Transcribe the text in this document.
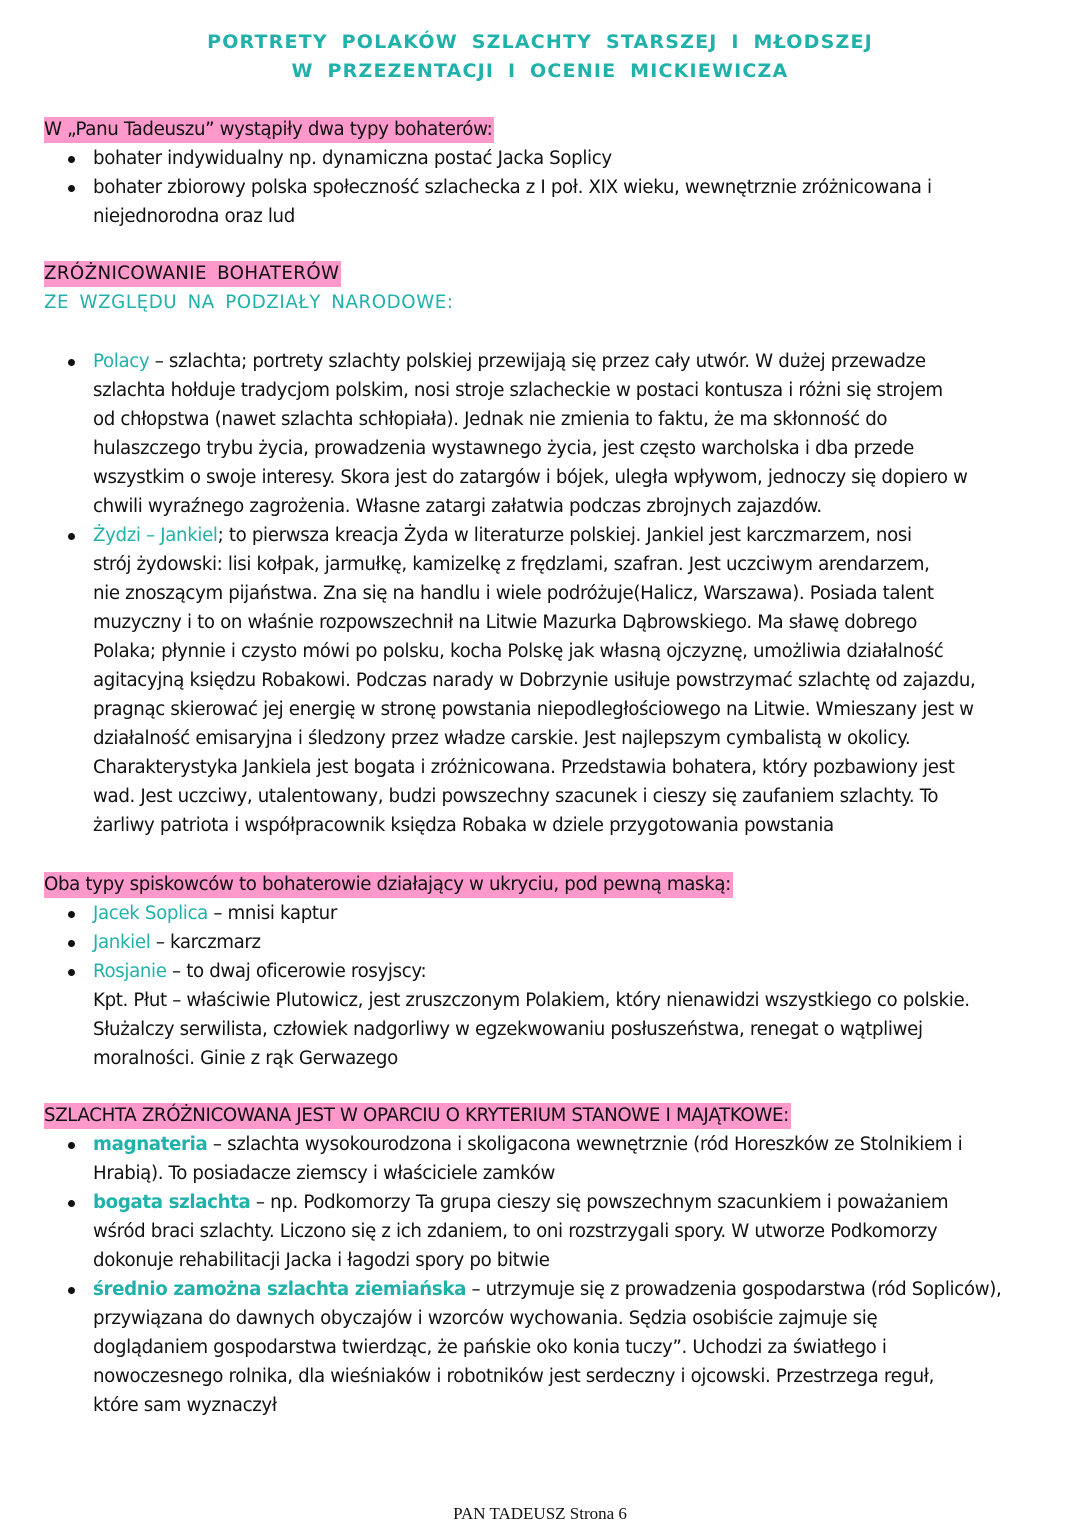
PORTRETY POLAKÓW SZLACHTY STARSZEJ I MŁODSZEJ
W PRZEZENTACJI I OCENIE MICKIEWICZA
W „Panu Tadeuszu” wystąpiły dwa typy bohaterów:
bohater indywidualny np. dynamiczna postać Jacka Soplicy
bohater zbiorowy polska społeczność szlachecka z I poł. XIX wieku, wewnętrznie zróżnicowana i
niejednorodna oraz lud
ZRÓŻNICOWANIE BOHATERÓW
ZE WZGLĘDU NA PODZIAŁY NARODOWE:
Polacy – szlachta; portrety szlachty polskiej przewijają się przez cały utwór. W dużej przewadze
szlachta hołduje tradycjom polskim, nosi stroje szlacheckie w postaci kontusza i różni się strojem
od chłopstwa (nawet szlachta schłopiała). Jednak nie zmienia to faktu, że ma skłonność do
hulaszczego trybu życia, prowadzenia wystawnego życia, jest często warcholska i dba przede
wszystkim o swoje interesy. Skora jest do zatargów i bójek, uległa wpływom, jednoczy się dopiero w
chwili wyraźnego zagrożenia. Własne zatargi załatwia podczas zbrojnych zajazdów.
Żydzi – Jankiel; to pierwsza kreacja Żyda w literaturze polskiej. Jankiel jest karczmarzem, nosi
strój żydowski: lisi kołpak, jarmułkę, kamizelkę z frędzlami, szafran. Jest uczciwym arendarzem,
nie znoszącym pijaństwa. Zna się na handlu i wiele podróżuje(Halicz, Warszawa). Posiada talent
muzyczny i to on właśnie rozpowszechnił na Litwie Mazurka Dąbrowskiego. Ma sławę dobrego
Polaka; płynnie i czysto mówi po polsku, kocha Polskę jak własną ojczyznę, umożliwia działalność
agitacyjną księdzu Robakowi. Podczas narady w Dobrzynie usiłuje powstrzymać szlachtę od zajazdu,
pragnąc skierować jej energię w stronę powstania niepodległościowego na Litwie. Wmieszany jest w
działalność emisaryjna i śledzony przez władze carskie. Jest najlepszym cymbalistą w okolicy.
Charakterystyka Jankiela jest bogata i zróżnicowana. Przedstawia bohatera, który pozbawiony jest
wad. Jest uczciwy, utalentowany, budzi powszechny szacunek i cieszy się zaufaniem szlachty. To
żarliwy patriota i współpracownik księdza Robaka w dziele przygotowania powstania
Oba typy spiskowców to bohaterowie działający w ukryciu, pod pewną maską:
Jacek Soplica – mnisi kaptur
Jankiel – karczmarz
Rosjanie – to dwaj oficerowie rosyjscy:
Kpt. Płut – właściwie Plutowicz, jest zruszczonym Polakiem, który nienawidzi wszystkiego co polskie.
Służalczy serwilista, człowiek nadgorliwy w egzekwowaniu posłuszeństwa, renegat o wątpliwej
moralności. Ginie z rąk Gerwazego
SZLACHTA ZRÓŻNICOWANA JEST W OPARCIU O KRYTERIUM STANOWE I MAJĄTKOWE:
magnateria – szlachta wysokourodzona i skoligacona wewnętrznie (ród Horeszków ze Stolnikiem i
Hrabią). To posiadacze ziemscy i właściciele zamków
bogata szlachta – np. Podkomorzy Ta grupa cieszy się powszechnym szacunkiem i poważaniem
wśród braci szlachty. Liczono się z ich zdaniem, to oni rozstrzygali spory. W utworze Podkomorzy
dokonuje rehabilitacji Jacka i łagodzi spory po bitwie
średnio zamożna szlachta ziemiańska – utrzymuje się z prowadzenia gospodarstwa (ród Sopliców),
przywiązana do dawnych obyczajów i wzorców wychowania. Sędzia osobiście zajmuje się
doglądaniem gospodarstwa twierdząc, że pańskie oko konia tuczy”. Uchodzi za światłego i
nowoczesnego rolnika, dla wieśniaków i robotników jest serdeczny i ojcowski. Przestrzega reguł,
które sam wyznaczył
PAN TADEUSZ Strona 6
